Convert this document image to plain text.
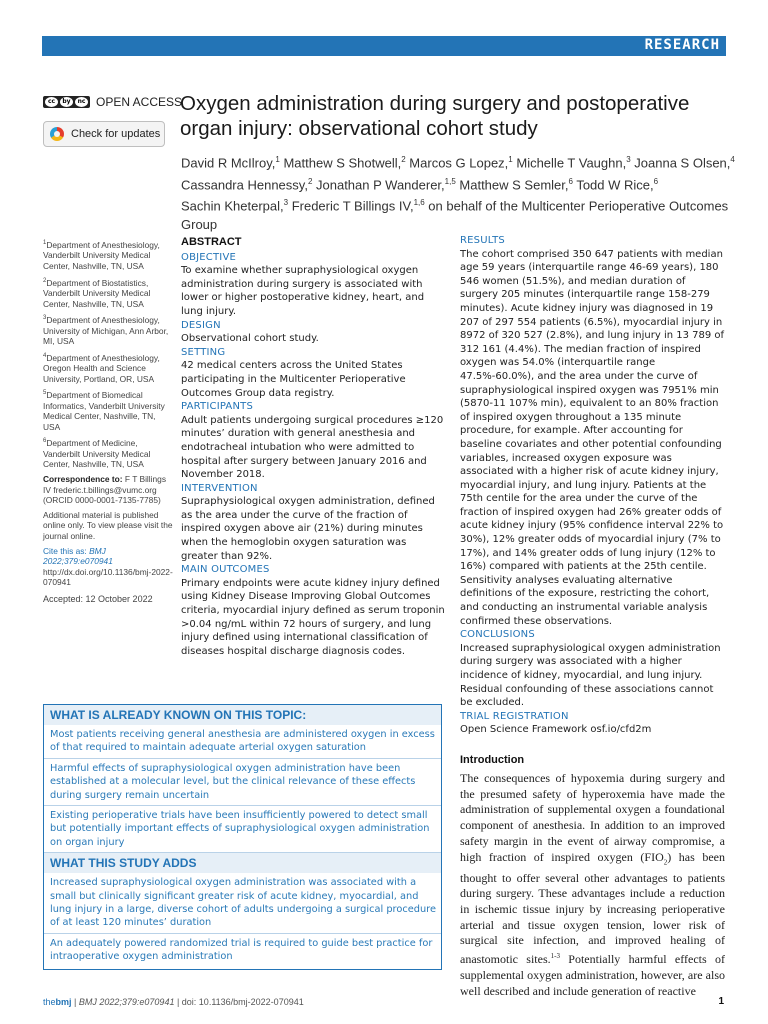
RESEARCH
cc	by	nc OPEN ACCESS
Check for updates
Oxygen administration during surgery and postoperative organ injury: observational cohort study
David R McIlroy,$^1$ Matthew S Shotwell,$^2$ Marcos G Lopez,$^1$ Michelle T Vaughn,$^3$ Joanna S Olsen,$^4$ Cassandra Hennessy,$^2$ Jonathan P Wanderer,$^{1,5}$ Matthew S Semler,$^6$ Todd W Rice,$^6$
Sachin Kheterpal,$^3$ Frederic T Billings IV,$^{1,6}$ on behalf of the Multicenter Perioperative Outcomes Group

$^1$Department of Anesthesiology, Vanderbilt University Medical Center, Nashville, TN, USA

$^2$Department of Biostatistics, Vanderbilt University Medical Center, Nashville, TN, USA

$^3$Department of Anesthesiology, University of Michigan, Ann Arbor, MI, USA

$^4$Department of Anesthesiology, Oregon Health and Science University, Portland, OR, USA

$^5$Department of Biomedical Informatics, Vanderbilt University Medical Center, Nashville, TN, USA

$^6$Department of Medicine, Vanderbilt University Medical Center, Nashville, TN, USA

Correspondence to: F T Billings IV frederic.t.billings@vumc.org (ORCID 0000-0001-7135-7785)

Additional material is published online only. To view please visit the journal online.

Cite this as: BMJ 2022;379:e070941
http://dx.doi.org/10.1136/bmj-2022-070941

Accepted: 12 October 2022

ABSTRACT
OBJECTIVE

To examine whether supraphysiological oxygen administration during surgery is associated with lower or higher postoperative kidney, heart, and lung injury.

DESIGN

Observational cohort study.

SETTING

42 medical centers across the United States participating in the Multicenter Perioperative Outcomes Group data registry.

PARTICIPANTS

Adult patients undergoing surgical procedures ≥120 minutes’ duration with general anesthesia and endotracheal intubation who were admitted to hospital after surgery between January 2016 and November 2018.

INTERVENTION

Supraphysiological oxygen administration, defined as the area under the curve of the fraction of inspired oxygen above air (21%) during minutes when the hemoglobin oxygen saturation was greater than 92%.

MAIN OUTCOMES

Primary endpoints were acute kidney injury defined using Kidney Disease Improving Global Outcomes criteria, myocardial injury defined as serum troponin >0.04 ng/mL within 72 hours of surgery, and lung injury defined using international classification of diseases hospital discharge diagnosis codes.

RESULTS

The cohort comprised 350 647 patients with median age 59 years (interquartile range 46-69 years), 180 546 women (51.5%), and median duration of surgery 205 minutes (interquartile range 158-279 minutes). Acute kidney injury was diagnosed in 19 207 of 297 554 patients (6.5%), myocardial injury in 8972 of 320 527 (2.8%), and lung injury in 13 789 of 312 161 (4.4%). The median fraction of inspired oxygen was 54.0% (interquartile range 47.5%-60.0%), and the area under the curve of supraphysiological inspired oxygen was 7951% min (5870-11 107% min), equivalent to an 80% fraction of inspired oxygen throughout a 135 minute procedure, for example. After accounting for baseline covariates and other potential confounding variables, increased oxygen exposure was associated with a higher risk of acute kidney injury, myocardial injury, and lung injury. Patients at the 75th centile for the area under the curve of the fraction of inspired oxygen had 26% greater odds of acute kidney injury (95% confidence interval 22% to 30%), 12% greater odds of myocardial injury (7% to 17%), and 14% greater odds of lung injury (12% to 16%) compared with patients at the 25th centile. Sensitivity analyses evaluating alternative definitions of the exposure, restricting the cohort, and conducting an instrumental variable analysis confirmed these observations.

CONCLUSIONS

Increased supraphysiological oxygen administration during surgery was associated with a higher incidence of kidney, myocardial, and lung injury. Residual confounding of these associations cannot be excluded.

TRIAL REGISTRATION

Open Science Framework osf.io/cfd2m

WHAT IS ALREADY KNOWN ON THIS TOPIC:
Most patients receiving general anesthesia are administered oxygen in excess of that required to maintain adequate arterial oxygen saturation
Harmful effects of supraphysiological oxygen administration have been established at a molecular level, but the clinical relevance of these effects during surgery remain uncertain
Existing perioperative trials have been insufficiently powered to detect small but potentially important effects of supraphysiological oxygen administration on organ injury
WHAT THIS STUDY ADDS
Increased supraphysiological oxygen administration was associated with a small but clinically significant greater risk of acute kidney, myocardial, and lung injury in a large, diverse cohort of adults undergoing a surgical procedure of at least 120 minutes’ duration
An adequately powered randomized trial is required to guide best practice for intraoperative oxygen administration
Introduction
The consequences of hypoxemia during surgery and the presumed safety of hyperoxemia have made the administration of supplemental oxygen a foundational component of anesthesia. In addition to an improved safety margin in the event of airway compromise, a high fraction of inspired oxygen $(FIO_2)$ has been thought to offer several other advantages to patients during surgery. These advantages include a reduction in ischemic tissue injury by increasing perioperative arterial and tissue oxygen tension, lower risk of surgical site infection, and improved healing of anastomotic sites.$^{1-3}$ Potentially harmful effects of supplemental oxygen administration, however, are also well described and include generation of reactive
thebmj | BMJ 2022;379:e070941 | doi: 10.1136/bmj-2022-070941	1
